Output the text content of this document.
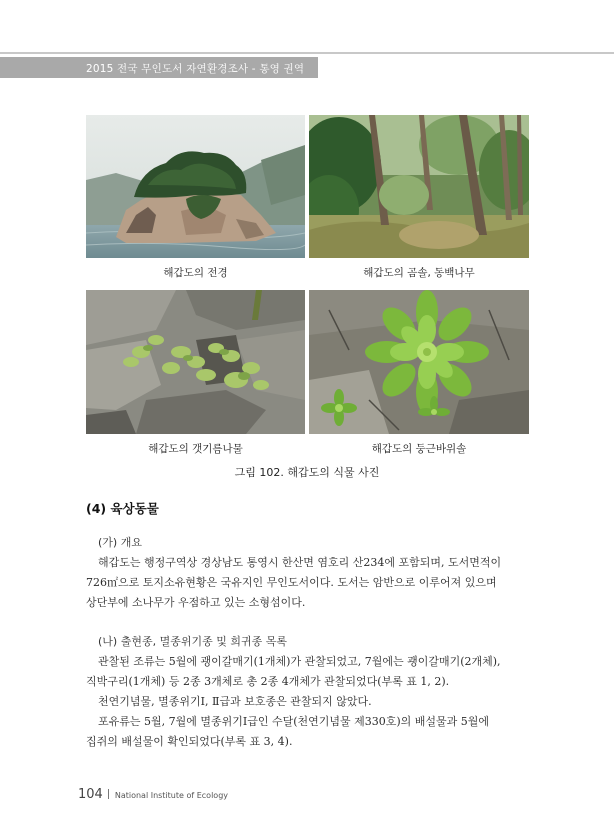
2015 전국 무인도서 자연환경조사 - 통영 권역
해갑도의 전경	해갑도의 곰솔, 동백나무
해갑도의 갯기름나물	해갑도의 둥근바위솔
그림 102. 해갑도의 식물 사진
(4) 육상동물
(가) 개요
해갑도는 행정구역상 경상남도 통영시 한산면 염호리 산234에 포함되며, 도서면적이
726㎡으로 토지소유현황은 국유지인 무인도서이다. 도서는 암반으로 이루어져 있으며
상단부에 소나무가 우점하고 있는 소형섬이다.
(나) 출현종, 멸종위기종 및 희귀종 목록
관찰된 조류는 5월에 괭이갈매기(1개체)가 관찰되었고, 7월에는 괭이갈매기(2개체),
직박구리(1개체) 등 2종 3개체로 총 2종 4개체가 관찰되었다(부록 표 1, 2).
천연기념물, 멸종위기Ⅰ, Ⅱ급과 보호종은 관찰되지 않았다.
포유류는 5월, 7월에 멸종위기Ⅰ급인 수달(천연기념물 제330호)의 배설물과 5월에
집쥐의 배설물이 확인되었다(부록 표 3, 4).
104 National Institute of Ecology
